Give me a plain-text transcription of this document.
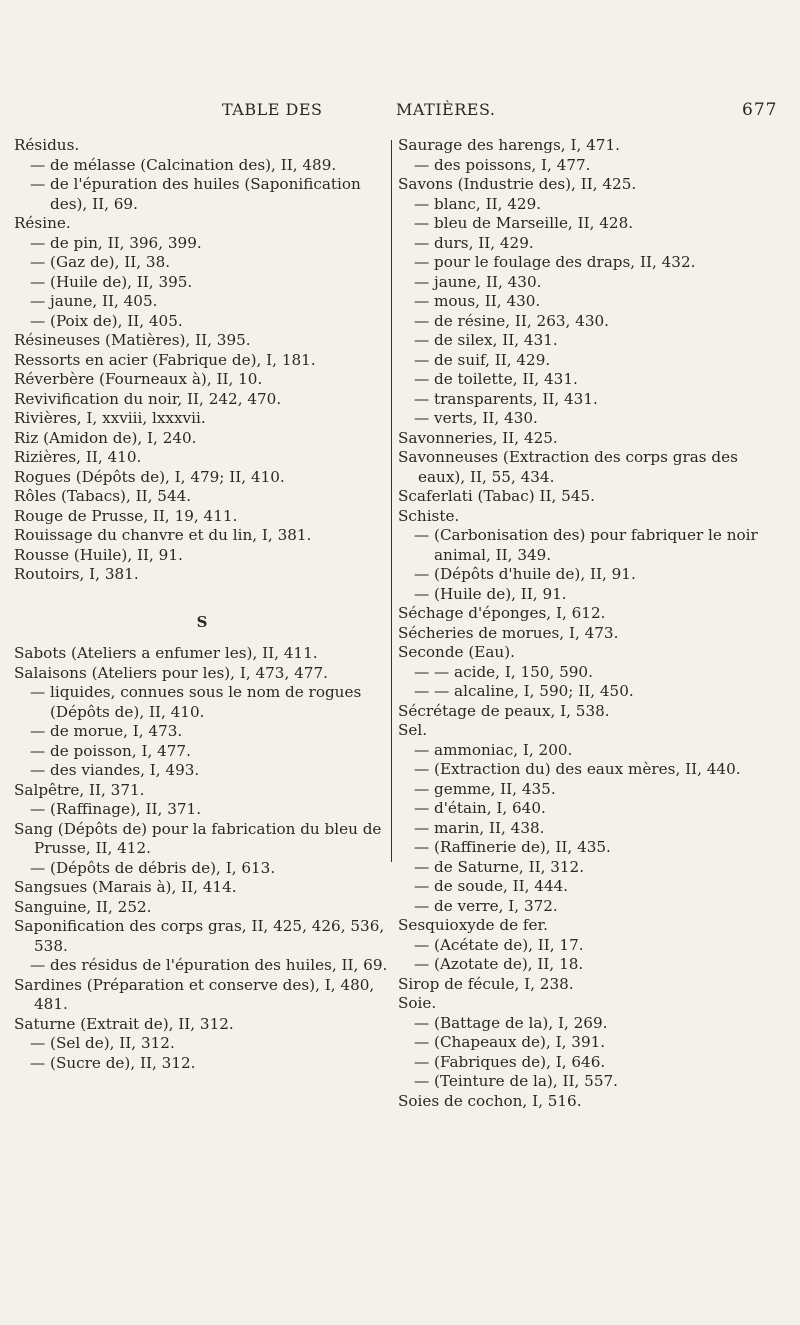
TABLE DES	MATIÈRES.	677
Résidus.
— de mélasse (Calcination des), II, 489.
— de l'épuration des huiles (Saponification des), II, 69.
Résine.
— de pin, II, 396, 399.
— (Gaz de), II, 38.
— (Huile de), II, 395.
— jaune, II, 405.
— (Poix de), II, 405.
Résineuses (Matières), II, 395.
Ressorts en acier (Fabrique de), I, 181.
Réverbère (Fourneaux à), II, 10.
Revivification du noir, II, 242, 470.
Rivières, I, xxviii, lxxxvii.
Riz (Amidon de), I, 240.
Rizières, II, 410.
Rogues (Dépôts de), I, 479; II, 410.
Rôles (Tabacs), II, 544.
Rouge de Prusse, II, 19, 411.
Rouissage du chanvre et du lin, I, 381.
Rousse (Huile), II, 91.
Routoirs, I, 381.
S
Sabots (Ateliers a enfumer les), II, 411.
Salaisons (Ateliers pour les), I, 473, 477.
— liquides, connues sous le nom de rogues (Dépôts de), II, 410.
— de morue, I, 473.
— de poisson, I, 477.
— des viandes, I, 493.
Salpêtre, II, 371.
— (Raffinage), II, 371.
Sang (Dépôts de) pour la fabrication du bleu de Prusse, II, 412.
— (Dépôts de débris de), I, 613.
Sangsues (Marais à), II, 414.
Sanguine, II, 252.
Saponification des corps gras, II, 425, 426, 536, 538.
— des résidus de l'épuration des huiles, II, 69.
Sardines (Préparation et conserve des), I, 480, 481.
Saturne (Extrait de), II, 312.
— (Sel de), II, 312.
— (Sucre de), II, 312.
Saurage des harengs, I, 471.
— des poissons, I, 477.
Savons (Industrie des), II, 425.
— blanc, II, 429.
— bleu de Marseille, II, 428.
— durs, II, 429.
— pour le foulage des draps, II, 432.
— jaune, II, 430.
— mous, II, 430.
— de résine, II, 263, 430.
— de silex, II, 431.
— de suif, II, 429.
— de toilette, II, 431.
— transparents, II, 431.
— verts, II, 430.
Savonneries, II, 425.
Savonneuses (Extraction des corps gras des eaux), II, 55, 434.
Scaferlati (Tabac) II, 545.
Schiste.
— (Carbonisation des) pour fabriquer le noir animal, II, 349.
— (Dépôts d'huile de), II, 91.
— (Huile de), II, 91.
Séchage d'éponges, I, 612.
Sécheries de morues, I, 473.
Seconde (Eau).
— — acide, I, 150, 590.
— — alcaline, I, 590; II, 450.
Sécrétage de peaux, I, 538.
Sel.
— ammoniac, I, 200.
— (Extraction du) des eaux mères, II, 440.
— gemme, II, 435.
— d'étain, I, 640.
— marin, II, 438.
— (Raffinerie de), II, 435.
— de Saturne, II, 312.
— de soude, II, 444.
— de verre, I, 372.
Sesquioxyde de fer.
— (Acétate de), II, 17.
— (Azotate de), II, 18.
Sirop de fécule, I, 238.
Soie.
— (Battage de la), I, 269.
— (Chapeaux de), I, 391.
— (Fabriques de), I, 646.
— (Teinture de la), II, 557.
Soies de cochon, I, 516.
